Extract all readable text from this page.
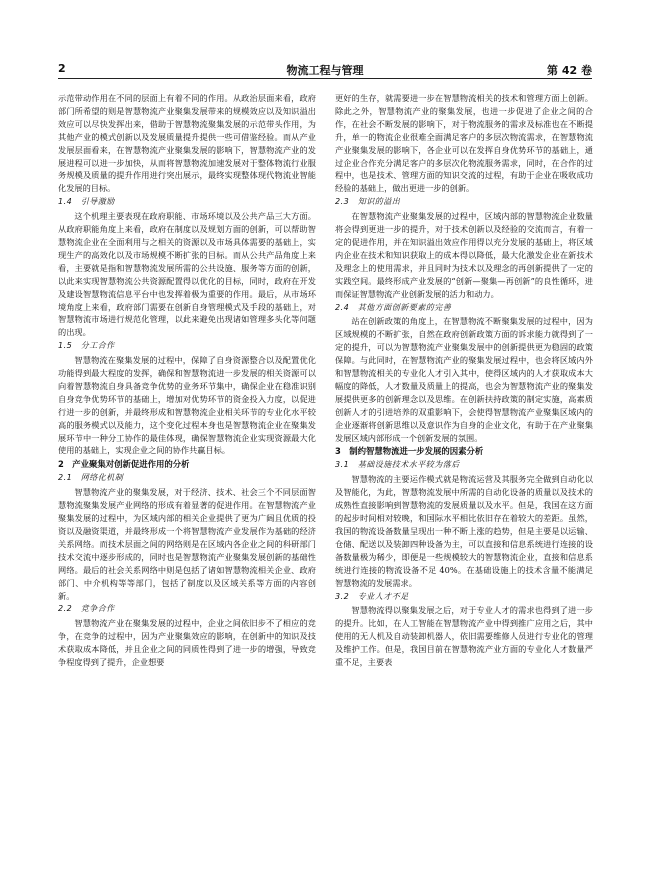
2	物流工程与管理	第 42 卷

示范带动作用在不同的层面上有着不同的作用。从政治层面来看，政府部门所希望的则是智慧物流产业聚集发展带来的规模效应以及知识溢出效应可以尽快发挥出来，借助于智慧物流聚集发展的示范带头作用，为其他产业的模式创新以及发展质量提升提供一些可借鉴经验。而从产业发展层面看来，在智慧物流产业聚集发展的影响下，智慧物流产业的发展进程可以进一步加快，从而将智慧物流加速发展对于整体物流行业服务规模及质量的提升作用进行突出展示，最终实现整体现代物流业智能化发展的目标。

1.4　引导激励

这个机理主要表现在政府职能、市场环境以及公共产品三大方面。从政府职能角度上来看，政府在制度以及规划方面的创新，可以帮助智慧物流企业在全面利用与之相关的资源以及市场具体需要的基础上，实现生产的高效化以及市场规模不断扩张的目标。而从公共产品角度上来看，主要就是指和智慧物流发展所需的公共设施、服务等方面的创新，以此来实现智慧物流公共资源配置得以优化的目标，同时，政府在开发及建设智慧物流信息平台中也发挥着极为重要的作用。最后，从市场环境角度上来看，政府部门需要在创新自身管理模式及手段的基础上，对智慧物流市场进行规范化管理，以此来避免出现诸如管理多头化等问题的出现。

1.5　分工合作

智慧物流在聚集发展的过程中，保障了自身资源整合以及配置优化功能得到最大程度的发挥，确保和智慧物流进一步发展的相关资源可以向着智慧物流自身具备竞争优势的业务环节集中，确保企业在稳准识别自身竞争优势环节的基础上，增加对优势环节的资金投入力度，以促进行进一步的创新，并最终形成和智慧物流企业相关环节的专业化水平较高的服务模式以及能力，这个变化过程本身也是智慧物流企业在聚集发展环节中一种分工协作的最佳体现，确保智慧物流企业实现资源最大化使用的基础上，实现企业之间的协作共赢目标。

2　产业聚集对创新促进作用的分析
2.1　网络化机制

智慧物流产业的聚集发展，对于经济、技术、社会三个不同层面智慧物流聚集发展产业网络的形成有着显著的促进作用。在智慧物流产业聚集发展的过程中，为区域内部的相关企业提供了更为广阔且优质的投资以及融资渠道，并最终形成一个将智慧物流产业发展作为基础的经济关系网络。而技术层面之间的网络则是在区域内各企业之间的科研部门技术交流中逐步形成的，同时也是智慧物流产业聚集发展创新的基础性网络。最后的社会关系网络中则是包括了诸如智慧物流相关企业、政府部门、中介机构等等部门，包括了制度以及区域关系等方面的内容创新。

2.2　竞争合作

智慧物流产业在聚集发展的过程中，企业之间依旧步不了相应的竞争，在竞争的过程中，因为产业聚集效应的影响，在创新中的知识及技术获取成本降低，并且企业之间的同质性得到了进一步的增强，导致竞争程度得到了提升，企业想要

更好的生存，就需要进一步在智慧物流相关的技术和管理方面上创新。除此之外，智慧物流产业的聚集发展，也进一步促进了企业之间的合作，在社会不断发展的影响下，对于物流服务的需求及标准也在不断提升，单一的物流企业很难全面满足客户的多层次物流需求，在智慧物流产业聚集发展的影响下，各企业可以在发挥自身优势环节的基础上，通过企业合作充分满足客户的多层次化物流服务需求，同时，在合作的过程中，也是技术、管理方面的知识交流的过程，有助于企业在吸收成功经验的基础上，做出更进一步的创新。

2.3　知识的溢出

在智慧物流产业聚集发展的过程中，区域内部的智慧物流企业数量将会得到更进一步的提升，对于技术创新以及经验的交流而言，有着一定的促进作用，并在知识溢出效应作用得以充分发展的基础上，将区域内企业在技术和知识获取上的成本得以降低，最大化激发企业在新技术及理念上的使用需求，并且同时为技术以及理念的再创新提供了一定的实践空间。最终形成产业发展的“创新—聚集—再创新”的良性循环，进而保证智慧物流产业创新发展的活力和动力。

2.4　其他方面创新要素的完善

站在创新政策的角度上，在智慧物流不断聚集发展的过程中，因为区域规模的不断扩张，自然在政府创新政策方面的诉求能力就得到了一定的提升，可以为智慧物流产业聚集发展中的创新提供更为稳固的政策保障。与此同时，在智慧物流产业的聚集发展过程中，也会将区域内外和智慧物流相关的专业化人才引入其中，使得区域内的人才获取成本大幅度的降低，人才数量及质量上的提高，也会为智慧物流产业的聚集发展提供更多的创新理念以及思维。在创新扶持政策的制定实施，高素质创新人才的引进培养的双重影响下，会使得智慧物流产业聚集区域内的企业逐渐将创新思维以及意识作为自身的企业文化，有助于在产业聚集发展区域内部形成一个创新发展的氛围。

3　制约智慧物流进一步发展的因素分析
3.1　基础设施技术水平较为落后

智慧物流的主要运作模式就是物流运营及其服务完全做到自动化以及智能化，为此，智慧物流发展中所需的自动化设备的质量以及技术的成熟性直接影响到智慧物流的发展质量以及水平。但是，我国在这方面的起步时间相对较晚，和国际水平相比依旧存在着较大的差距。虽然，我国的物流设备数量呈现出一种不断上涨的趋势，但是主要是以运输、仓储、配送以及装卸四种设备为主，可以直接和信息系统进行连接的设备数量极为稀少，即便是一些规模较大的智慧物流企业，直接和信息系统进行连接的物流设备不足 40%。在基础设施上的技术含量不能满足智慧物流的发展需求。

3.2　专业人才不足

智慧物流得以聚集发展之后，对于专业人才的需求也得到了进一步的提升。比如，在人工智能在智慧物流产业中得到推广应用之后，其中使用的无人机及自动装卸机器人，依旧需要维修人员进行专业化的管理及维护工作。但是，我国目前在智慧物流产业方面的专业化人才数量严重不足，主要表
